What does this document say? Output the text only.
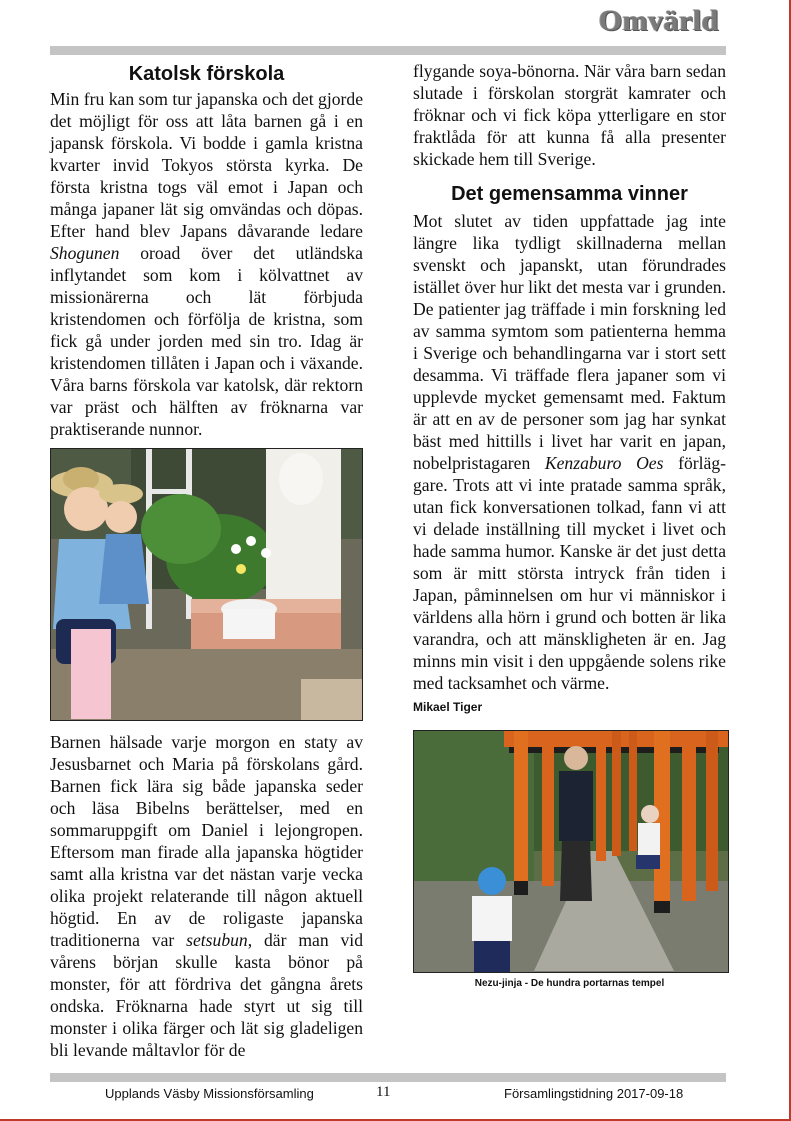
Omvärld
Katolsk förskola

Min fru kan som tur japanska och det gjorde det möjligt för oss att låta barnen gå i en japansk förskola. Vi bodde i gamla kristna kvarter invid Tokyos största kyrka. De första kristna togs väl emot i Japan och många japaner lät sig omvändas och döpas. Efter hand blev Japans dåvarande ledare Shogunen oroad över det utländska inflytandet som kom i kölvattnet av missionärerna och lät förbjuda kristendomen och förfölja de kristna, som fick gå under jorden med sin tro. Idag är kristendomen tillåten i Japan och i växande. Våra barns förskola var katolsk, där rektorn var präst och hälften av fröknarna var praktiserande nunnor.

Barnen hälsade varje morgon en staty av Jesusbarnet och Maria på förskolans gård. Barnen fick lära sig både japanska seder och läsa Bibelns berättelser, med en sommaruppgift om Daniel i lejongropen. Eftersom man firade alla japanska högtider samt alla kristna var det nästan varje vecka olika projekt relaterande till någon aktuell högtid. En av de roligaste japanska traditionerna var setsubun, där man vid vårens början skulle kasta bönor på monster, för att fördriva det gångna årets ondska. Fröknarna hade styrt ut sig till monster i olika färger och lät sig gladeligen bli levande måltavlor för de

flygande soya-bönorna. När våra barn sedan slutade i förskolan storgrät kamrater och fröknar och vi fick köpa ytterligare en stor fraktlåda för att kunna få alla presenter skickade hem till Sverige.

Det gemensamma vinner

Mot slutet av tiden uppfattade jag inte längre lika tydligt skillnaderna mellan svenskt och japanskt, utan förundrades istället över hur likt det mesta var i grunden. De patienter jag träffade i min forskning led av samma symtom som patienterna hemma i Sverige och behandlingarna var i stort sett desamma. Vi träffade flera japaner som vi upplevde mycket gemensamt med. Faktum är att en av de personer som jag har synkat bäst med hittills i livet har varit en japan, nobelpristagaren Kenzaburo Oes förläg-gare. Trots att vi inte pratade samma språk, utan fick konversationen tolkad, fann vi att vi delade inställning till mycket i livet och hade samma humor. Kanske är det just detta som är mitt största intryck från tiden i Japan, påminnelsen om hur vi människor i världens alla hörn i grund och botten är lika varandra, och att mänskligheten är en. Jag minns min visit i den uppgående solens rike med tacksamhet och värme.

Mikael Tiger
Nezu-jinja - De hundra portarnas tempel
Upplands Väsby Missionsförsamling	11	Församlingstidning 2017-09-18
